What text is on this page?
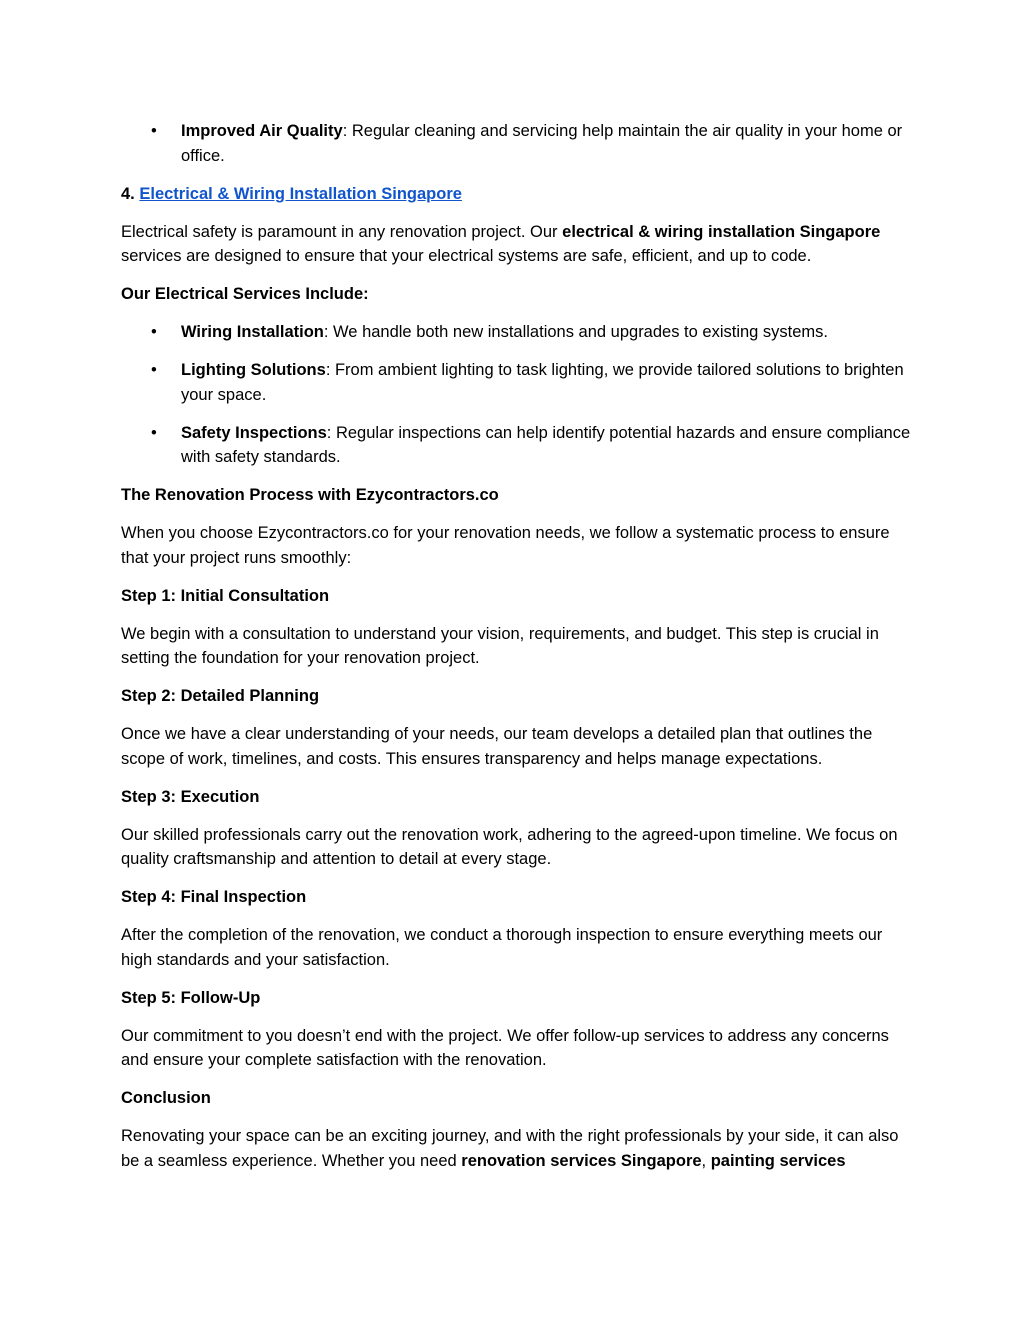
• Improved Air Quality: Regular cleaning and servicing help maintain the air quality in your home or office.

4. Electrical & Wiring Installation Singapore

Electrical safety is paramount in any renovation project. Our electrical & wiring installation Singapore services are designed to ensure that your electrical systems are safe, efficient, and up to code.

Our Electrical Services Include:

• Wiring Installation: We handle both new installations and upgrades to existing systems.
• Lighting Solutions: From ambient lighting to task lighting, we provide tailored solutions to brighten your space.
• Safety Inspections: Regular inspections can help identify potential hazards and ensure compliance with safety standards.

The Renovation Process with Ezycontractors.co

When you choose Ezycontractors.co for your renovation needs, we follow a systematic process to ensure that your project runs smoothly:

Step 1: Initial Consultation

We begin with a consultation to understand your vision, requirements, and budget. This step is crucial in setting the foundation for your renovation project.

Step 2: Detailed Planning

Once we have a clear understanding of your needs, our team develops a detailed plan that outlines the scope of work, timelines, and costs. This ensures transparency and helps manage expectations.

Step 3: Execution

Our skilled professionals carry out the renovation work, adhering to the agreed-upon timeline. We focus on quality craftsmanship and attention to detail at every stage.

Step 4: Final Inspection

After the completion of the renovation, we conduct a thorough inspection to ensure everything meets our high standards and your satisfaction.

Step 5: Follow-Up

Our commitment to you doesn’t end with the project. We offer follow-up services to address any concerns and ensure your complete satisfaction with the renovation.

Conclusion

Renovating your space can be an exciting journey, and with the right professionals by your side, it can also be a seamless experience. Whether you need renovation services Singapore, painting services
